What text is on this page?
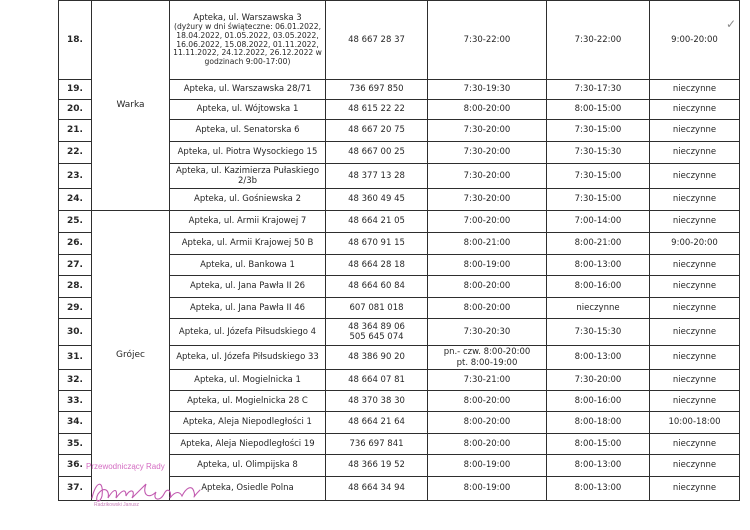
✓
18.	Warka	Apteka, ul. Warszawska 3
(dyżury w dni świąteczne: 06.01.2022, 18.04.2022, 01.05.2022, 03.05.2022, 16.06.2022, 15.08.2022, 01.11.2022, 11.11.2022, 24.12.2022, 26.12.2022 w godzinach 9:00-17:00)	48 667 28 37	7:30-22:00	7:30-22:00	9:00-20:00
19.		Apteka, ul. Warszawska 28/71	736 697 850	7:30-19:30	7:30-17:30	nieczynne
20.		Apteka, ul. Wójtowska 1	48 615 22 22	8:00-20:00	8:00-15:00	nieczynne
21.		Apteka, ul. Senatorska 6	48 667 20 75	7:30-20:00	7:30-15:00	nieczynne
22.		Apteka, ul. Piotra Wysockiego 15	48 667 00 25	7:30-20:00	7:30-15:30	nieczynne
23.		Apteka, ul. Kazimierza Pułaskiego 2/3b	48 377 13 28	7:30-20:00	7:30-15:00	nieczynne
24.		Apteka, ul. Gośniewska 2	48 360 49 45	7:30-20:00	7:30-15:00	nieczynne
25.	Grójec	Apteka, ul. Armii Krajowej 7	48 664 21 05	7:00-20:00	7:00-14:00	nieczynne
26.		Apteka, ul. Armii Krajowej 50 B	48 670 91 15	8:00-21:00	8:00-21:00	9:00-20:00
27.		Apteka, ul. Bankowa 1	48 664 28 18	8:00-19:00	8:00-13:00	nieczynne
28.		Apteka, ul. Jana Pawła II 26	48 664 60 84	8:00-20:00	8:00-16:00	nieczynne
29.		Apteka, ul. Jana Pawła II 46	607 081 018	8:00-20:00	nieczynne	nieczynne
30.		Apteka, ul. Józefa Piłsudskiego 4	48 364 89 06
505 645 074	7:30-20:30	7:30-15:30	nieczynne
31.		Apteka, ul. Józefa Piłsudskiego 33	48 386 90 20	pn.- czw. 8:00-20:00
pt. 8:00-19:00	8:00-13:00	nieczynne
32.		Apteka, ul. Mogielnicka 1	48 664 07 81	7:30-21:00	7:30-20:00	nieczynne
33.		Apteka, ul. Mogielnicka 28 C	48 370 38 30	8:00-20:00	8:00-16:00	nieczynne
34.		Apteka, Aleja Niepodległości 1	48 664 21 64	8:00-20:00	8:00-18:00	10:00-18:00
35.		Apteka, Aleja Niepodległości 19	736 697 841	8:00-20:00	8:00-15:00	nieczynne
36.		Apteka, ul. Olimpijska 8	48 366 19 52	8:00-19:00	8:00-13:00	nieczynne
37.		Apteka, Osiedle Polna	48 664 34 94	8:00-19:00	8:00-13:00	nieczynne
Przewodniczący Rady
Radzikowski Janusz
